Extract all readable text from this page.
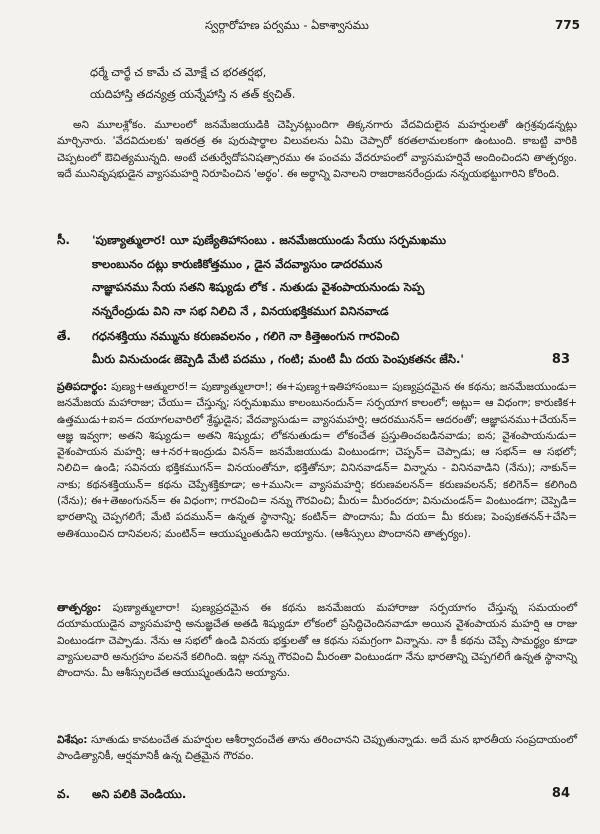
స్వర్గారోహణ పర్వము - ఏకాశ్వాసము	775
ధర్మే చార్థే చ కామే చ మోక్షే చ భరతర్షభ,
యదిహాస్తి తదన్యత్ర యన్నేహాస్తి న తత్ క్వచిత్.

అని మూలశ్లోకం. మూలంలో జనమేజయుడికి చెప్పినట్లుందిగా తిక్కనగారు వేదవిదులైన మహర్షులతో ఉగ్రశ్రవుడన్నట్లు మార్చినారు. 'వేదవిదులకు' ఇతరత్ర ఈ పురుషార్థాల విలువలను ఏమి చెప్పారో కరతలామలకంగా ఉంటుంది. కాబట్టి వారికి చెప్పటంలో ఔచిత్యమున్నది. అంటే చతుర్వేదోపనిషత్సారము ఈ పంచమ వేదరూపంలో వ్యాసమహర్షివే అందించిందని తాత్పర్యం. ఇదే మునివృషభుడైన వ్యాసమహర్షి నిరూపించిన 'అర్థం'. ఈ అర్థాన్ని వినాలని రాజరాజనరేంద్రుడు నన్నయభట్టుగారిని కోరింది.

సీ. 'పుణ్యాత్ములార! యీ పుణ్యేతిహాసంబు . జనమేజయుండు సేయు సర్పమఖము
కాలంబునం దట్లు కారుణికోత్తముం , డైన వేదవ్యాసుం డాదరమున
నాజ్ఞాపనము సేయ సతని శిష్యుడు లోక . నుతుడు వైశంపాయనుండు సెప్ప
నన్నరేంద్రుడు విని నా సభ నిలిచి నే , వినయభక్తికముగ వినినవాఁడ
తే. గధనశక్తియు నమ్మును కరుణవలనం , గలిగె నా కిత్తెఱంగున గారవించి
మీరు వినుచుండఁ జెప్పెడి మేటి పదము , గంటి; మంటి మీ దయ పెంపుకతనఁ జేసి.'	83

ప్రతిపదార్థం: పుణ్య+ఆత్ములార!= పుణ్యాత్ములారా!; ఈ+పుణ్య+ఇతిహాసంబు= పుణ్యప్రదమైన ఈ కథను; జనమేజయుండు= జనమేజయ మహారాజు; చేయు= చేస్తున్న; సర్పమఖము కాలంబునందున్= సర్పయాగ కాలంలో; అట్లు= ఆ విధంగా; కారుణిక+ ఉత్తముడు+ఐన= దయాగలవారిలో శ్రేష్ఠుడైన; వేదవ్యాసుడు= వ్యాసమహర్షి; ఆదరమునన్= ఆదరంతో; ఆజ్ఞాపనము+చేయన్= ఆజ్ఞ ఇవ్వగా; అతని శిష్యుడు= అతని శిష్యుడు; లోకనుతుడు= లోకంచేత ప్రస్తుతించబడినవాడు; ఐన; వైశంపాయనుడు= వైశంపాయన మహర్షి; ఆ+నర+ఇంద్రుడు వినన్= జనమేజయుడు వింటుండగా; చెప్పన్= చెప్పాడు; ఆ సభన్= ఆ సభలో; నిలిచి= ఉండి; సవినయ భక్తికముగన్= వినయంతోనూ, భక్తితోనూ; వినినవాడన్= విన్నాను - వినినవాడిని (నేను); నాకున్= నాకు; కథనశక్తియున్= కథను చెప్పేశక్తికూడా; అ+మునిఁ= వ్యాసమహర్షి; కరుణవలనన్= కరుణవలనన్; కలిగెన్= కలిగింది (నేను); ఈ+తెఱంగునన్= ఈ విధంగా; గారవించి= నన్ను గౌరవించి; మీరు= మీరందరూ; వినుచుండన్= వింటుండగా; చెప్పెడి= భారతాన్ని చెప్పగలిగే; మేటి పదమున్= ఉన్నత స్థానాన్ని; కంటిన్= పొందాను; మీ దయ= మీ కరుణ; పెంపుకతనన్+చేసి= అతిశయించిన దానివలన; మంటిన్= ఆయుష్మంతుడిని అయ్యాను. (ఆశీస్సులు పొందానని తాత్పర్యం).

తాత్పర్యం: పుణ్యాత్ములారా! పుణ్యప్రదమైన ఈ కథను జనమేజయ మహారాజు సర్పయాగం చేస్తున్న సమయంలో దయామయుడైన వ్యాసమహర్షి అనుజ్ఞచేత అతడి శిష్యుడూ లోకంలో ప్రసిద్ధిచెందినవాడూ అయిన వైశంపాయన మహర్షి ఆ రాజు వింటుండగా చెప్పాడు. నేను ఆ సభలో ఉండి వినయ భక్తులతో ఆ కథను సమగ్రంగా విన్నాను. నా కీ కథను చెప్పే సామర్థ్యం కూడా వ్యాసులవారి అనుగ్రహం వలననే కలిగింది. ఇట్లా నన్ను గౌరవించి మీరంతా వింటుండగా నేను భారతాన్ని చెప్పగలిగే ఉన్నత స్థానాన్ని పొందాను. మీ ఆశీస్సులచేత ఆయుష్మంతుడిని అయ్యాను.

విశేషం: సూతుడు కావటంచేత మహర్షుల ఆశీర్వాదంచేత తాను తరించానని చెప్పుతున్నాడు. అదే మన భారతీయ సంప్రదాయంలో పాండిత్యానికీ, ఆర్షమానికీ ఉన్న చిత్రమైన గౌరవం.

వ. అని పలికి వెండియు.	84
